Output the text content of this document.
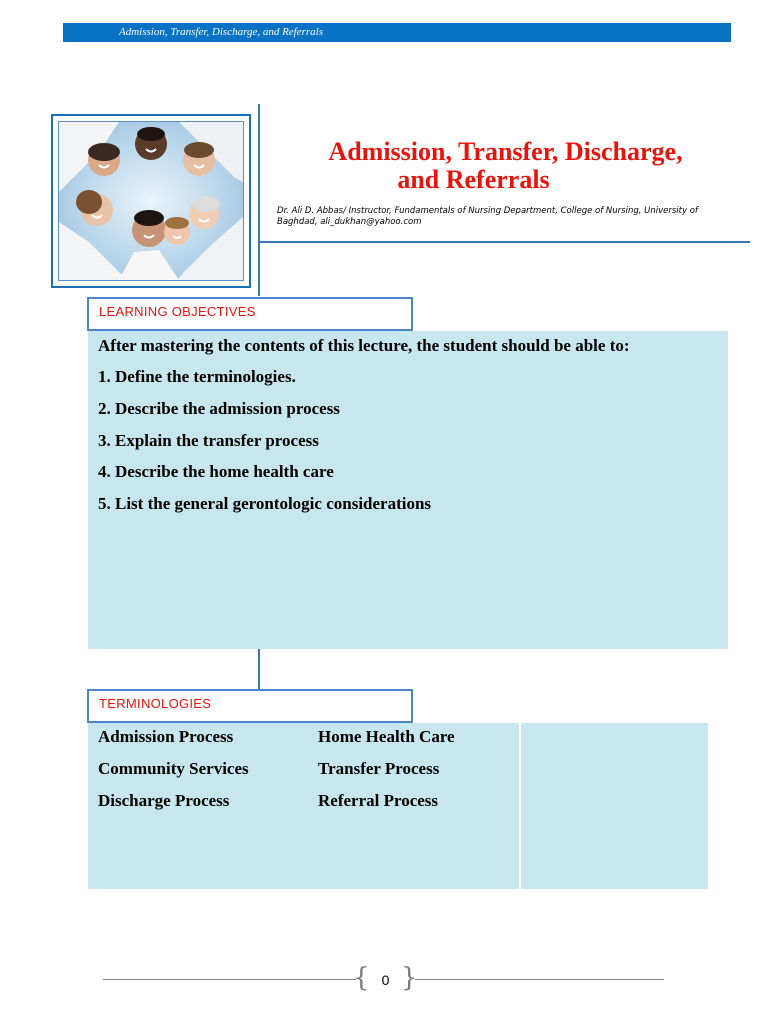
Admission, Transfer, Discharge, and Referrals
Admission, Transfer, Discharge,
and Referrals
Dr. Ali D. Abbas/ Instructor, Fundamentals of Nursing Department, College of Nursing, University of Baghdad, ali_dukhan@yahoo.com
LEARNING OBJECTIVES
After mastering the contents of this lecture, the student should be able to:
1. Define the terminologies.
2. Describe the admission process
3. Explain the transfer process
4. Describe the home health care
5. List the general gerontologic considerations
TERMINOLOGIES
Admission Process
Community Services
Discharge Process
Home Health Care
Transfer Process
Referral Process
{ }
0
